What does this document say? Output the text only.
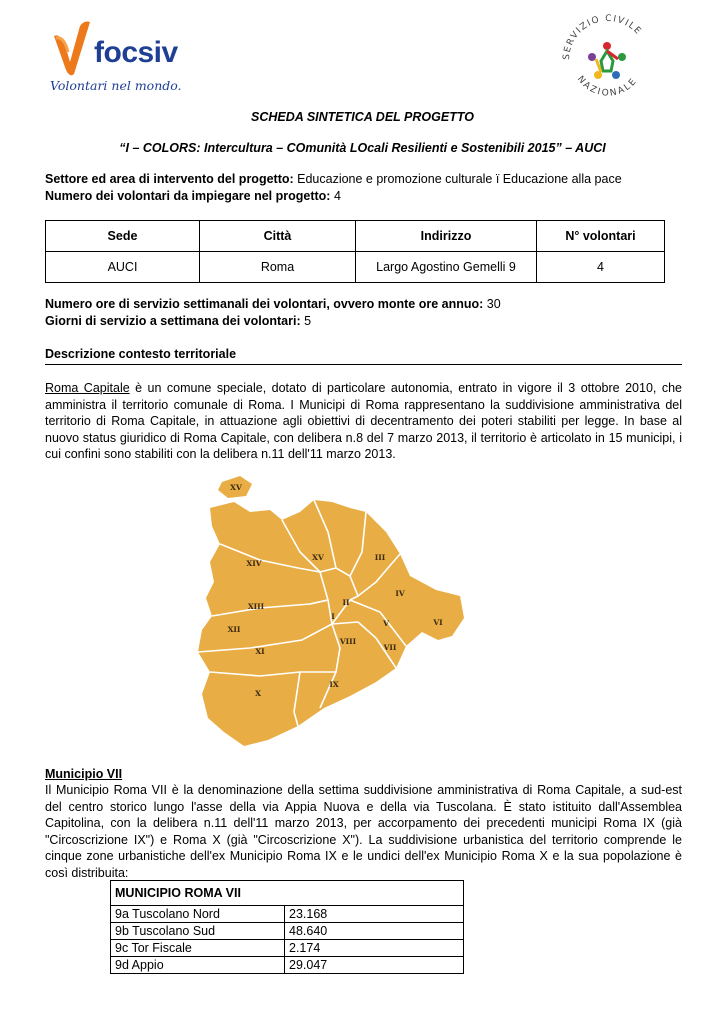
focsiv
Volontari nel mondo.
SERVIZIO CIVILE
NAZIONALE
SCHEDA SINTETICA DEL PROGETTO
“I – COLORS: Intercultura – COmunità LOcali Resilienti e Sostenibili 2015” – AUCI
Settore ed area di intervento del progetto: Educazione e promozione culturale ï Educazione alla pace
Numero dei volontari da impiegare nel progetto: 4
Sede	Città	Indirizzo	N° volontari
AUCI	Roma	Largo Agostino Gemelli 9	4
Numero ore di servizio settimanali dei volontari, ovvero monte ore annuo: 30
Giorni di servizio a settimana dei volontari: 5
Descrizione contesto territoriale
Roma Capitale è un comune speciale, dotato di particolare autonomia, entrato in vigore il 3 ottobre 2010, che amministra il territorio comunale di Roma. I Municipi di Roma rappresentano la suddivisione amministrativa del territorio di Roma Capitale, in attuazione agli obiettivi di decentramento dei poteri stabiliti per legge. In base al nuovo status giuridico di Roma Capitale, con delibera n.8 del 7 marzo 2013, il territorio è articolato in 15 municipi, i cui confini sono stabiliti con la delibera n.11 dell'11 marzo 2013.
XV
XIV
XV	III
IV
II
XIII
I
XII
V	VI
VIII
VII
XI
IX
X
Municipio VII
Il Municipio Roma VII è la denominazione della settima suddivisione amministrativa di Roma Capitale, a sud-est del centro storico lungo l'asse della via Appia Nuova e della via Tuscolana. È stato istituito dall'Assemblea Capitolina, con la delibera n.11 dell'11 marzo 2013, per accorpamento dei precedenti municipi Roma IX (già "Circoscrizione IX") e Roma X (già "Circoscrizione X"). La suddivisione urbanistica del territorio comprende le cinque zone urbanistiche dell'ex Municipio Roma IX e le undici dell'ex Municipio Roma X e la sua popolazione è così distribuita:
MUNICIPIO ROMA VII	
9a Tuscolano Nord	23.168
9b Tuscolano Sud	48.640
9c Tor Fiscale	2.174
9d Appio	29.047
